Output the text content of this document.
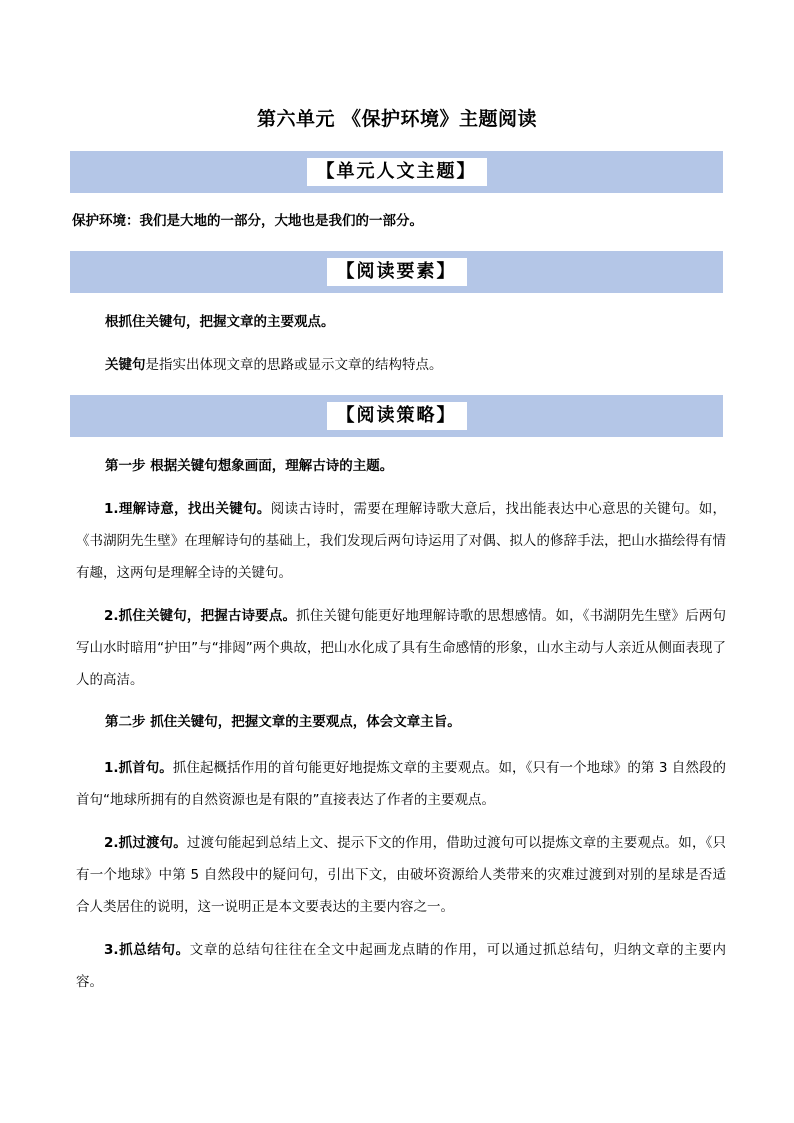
第六单元 《保护环境》主题阅读
【单元人文主题】
保护环境：我们是大地的一部分，大地也是我们的一部分。
【阅读要素】
根抓住关键句，把握文章的主要观点。
关键句是指实出体现文章的思路或显示文章的结构特点。
【阅读策略】
第一步 根据关键句想象画面，理解古诗的主题。
1.理解诗意，找出关键句。阅读古诗时，需要在理解诗歌大意后，找出能表达中心意思的关键句。如，《书湖阴先生壁》在理解诗句的基础上，我们发现后两句诗运用了对偶、拟人的修辞手法，把山水描绘得有情有趣，这两句是理解全诗的关键句。
2.抓住关键句，把握古诗要点。抓住关键句能更好地理解诗歌的思想感情。如，《书湖阴先生壁》后两句写山水时暗用“护田”与“排闼”两个典故，把山水化成了具有生命感情的形象，山水主动与人亲近从侧面表现了人的高洁。
第二步 抓住关键句，把握文章的主要观点，体会文章主旨。
1.抓首句。抓住起概括作用的首句能更好地提炼文章的主要观点。如，《只有一个地球》的第 3 自然段的首句“地球所拥有的自然资源也是有限的”直接表达了作者的主要观点。
2.抓过渡句。过渡句能起到总结上文、提示下文的作用，借助过渡句可以提炼文章的主要观点。如，《只有一个地球》中第 5 自然段中的疑问句，引出下文，由破坏资源给人类带来的灾难过渡到对别的星球是否适合人类居住的说明，这一说明正是本文要表达的主要内容之一。
3.抓总结句。文章的总结句往往在全文中起画龙点睛的作用，可以通过抓总结句，归纳文章的主要内容。
